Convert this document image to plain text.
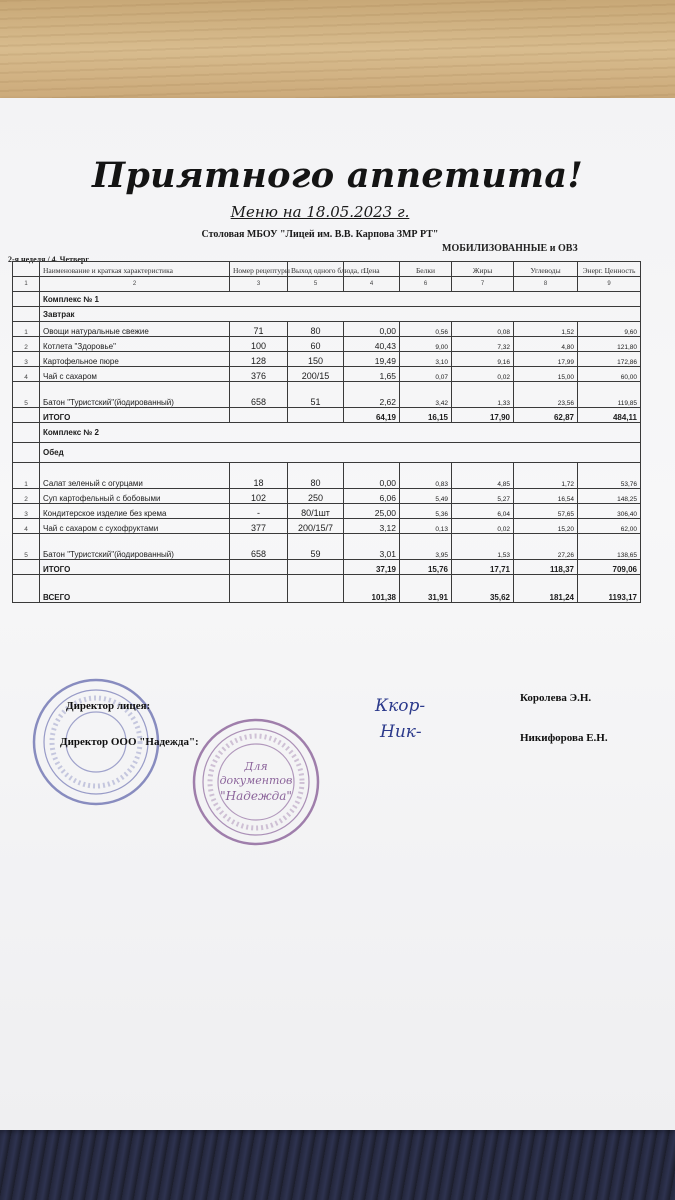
Приятного аппетита!
Меню на 18.05.2023 г.
Столовая МБОУ "Лицей им. В.В. Карпова ЗМР РТ"
2-я неделя / 4. Четверг
МОБИЛИЗОВАННЫЕ и ОВЗ
	Наименование и краткая характеристика	Номер рецептуры	Выход одного блюда, г.	Цена	Белки	Жиры	Углеводы	Энерг. Ценность
1	2	3	5	4	6	7	8	9
	Комплекс № 1							
	Завтрак							
1	Овощи натуральные свежие	71	80	0,00	0,56	0,08	1,52	9,60
2	Котлета "Здоровье"	100	60	40,43	9,00	7,32	4,80	121,80
3	Картофельное пюре	128	150	19,49	3,10	9,16	17,99	172,86
4	Чай с сахаром	376	200/15	1,65	0,07	0,02	15,00	60,00
5	Батон "Туристский"(йодированный)	658	51	2,62	3,42	1,33	23,56	119,85
	ИТОГО			64,19	16,15	17,90	62,87	484,11
	Комплекс № 2							
	Обед							
1	Салат зеленый с огурцами	18	80	0,00	0,83	4,85	1,72	53,76
2	Суп картофельный с бобовыми	102	250	6,06	5,49	5,27	16,54	148,25
3	Кондитерское изделие без крема	-	80/1шт	25,00	5,36	6,04	57,65	306,40
4	Чай с сахаром с сухофруктами	377	200/15/7	3,12	0,13	0,02	15,20	62,00
5	Батон "Туристский"(йодированный)	658	59	3,01	3,95	1,53	27,26	138,65
	ИТОГО			37,19	15,76	17,71	118,37	709,06
	ВСЕГО			101,38	31,91	35,62	181,24	1193,17
Для
документов
"Надежда"
Директор лицея:
Директор ООО "Надежда":
Королева Э.Н.
Никифорова Е.Н.
Ккор-
Ник-
